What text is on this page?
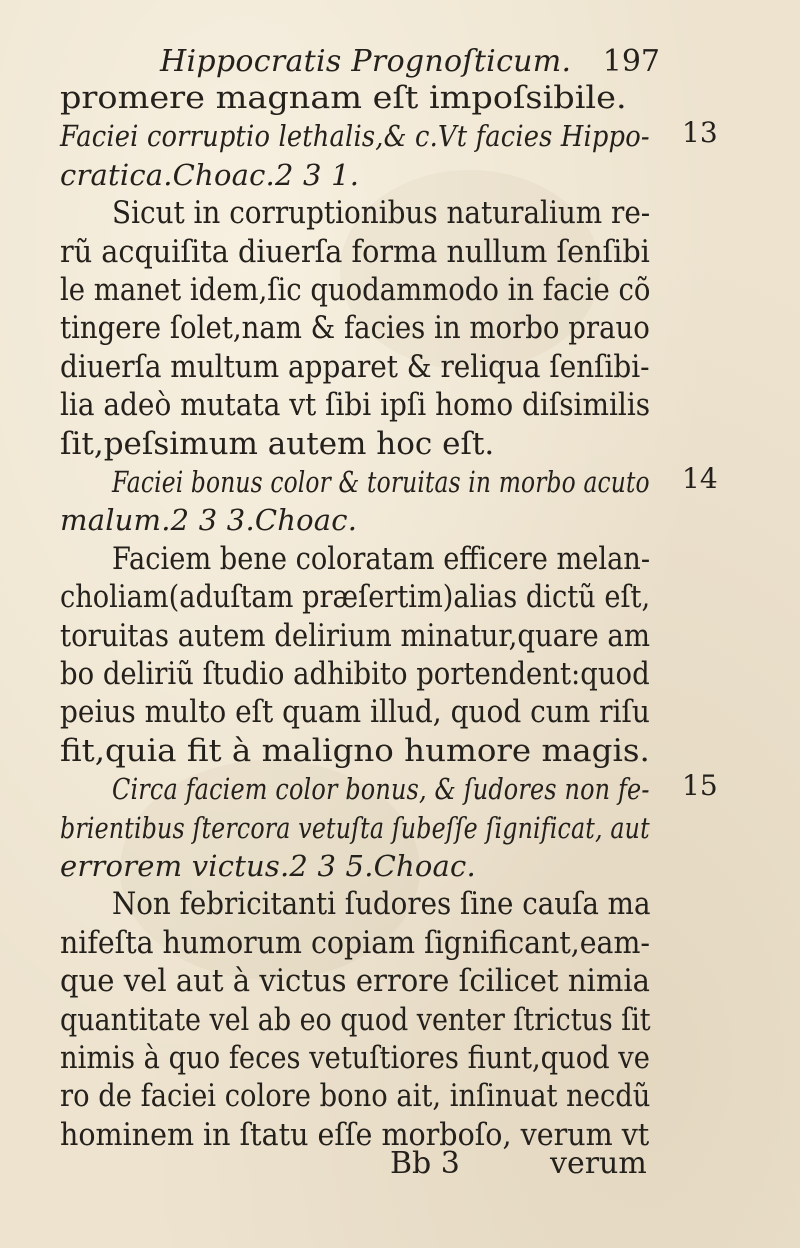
Hippocratis Prognoſticum. 197
promere magnam eſt impoſsibile.
Faciei corruptio lethalis,& c.Vt facies Hippo-
cratica.Choac.2 3 1.
Sicut in corruptionibus naturalium re-
rũ acquiſita diuerſa forma nullum ſenſibi
le manet idem,ſic quodammodo in facie cõ
tingere ſolet,nam & facies in morbo prauo
diuerſa multum apparet & reliqua ſenſibi-
lia adeò mutata vt ſibi ipſi homo diſsimilis
ſit,peſsimum autem hoc eſt.
Faciei bonus color & toruitas in morbo acuto
malum.2 3 3.Choac.
Faciem bene coloratam efficere melan-
choliam(aduſtam præſertim)alias dictũ eſt,
toruitas autem delirium minatur,quare am
bo deliriũ ſtudio adhibito portendent:quod
peius multo eſt quam illud, quod cum riſu
fit,quia fit à maligno humore magis.
Circa faciem color bonus, & ſudores non fe-
brientibus ſtercora vetuſta ſubeſſe ſignificat, aut
errorem victus.2 3 5.Choac.
Non febricitanti ſudores ſine cauſa ma
nifeſta humorum copiam ſignificant,eam-
que vel aut à victus errore ſcilicet nimia
quantitate vel ab eo quod venter ſtrictus ſit
nimis à quo feces vetuſtiores fiunt,quod ve
ro de faciei colore bono ait, inſinuat necdũ
hominem in ſtatu eſſe morboſo, verum vt
13
14
15
Bb 3	verum
